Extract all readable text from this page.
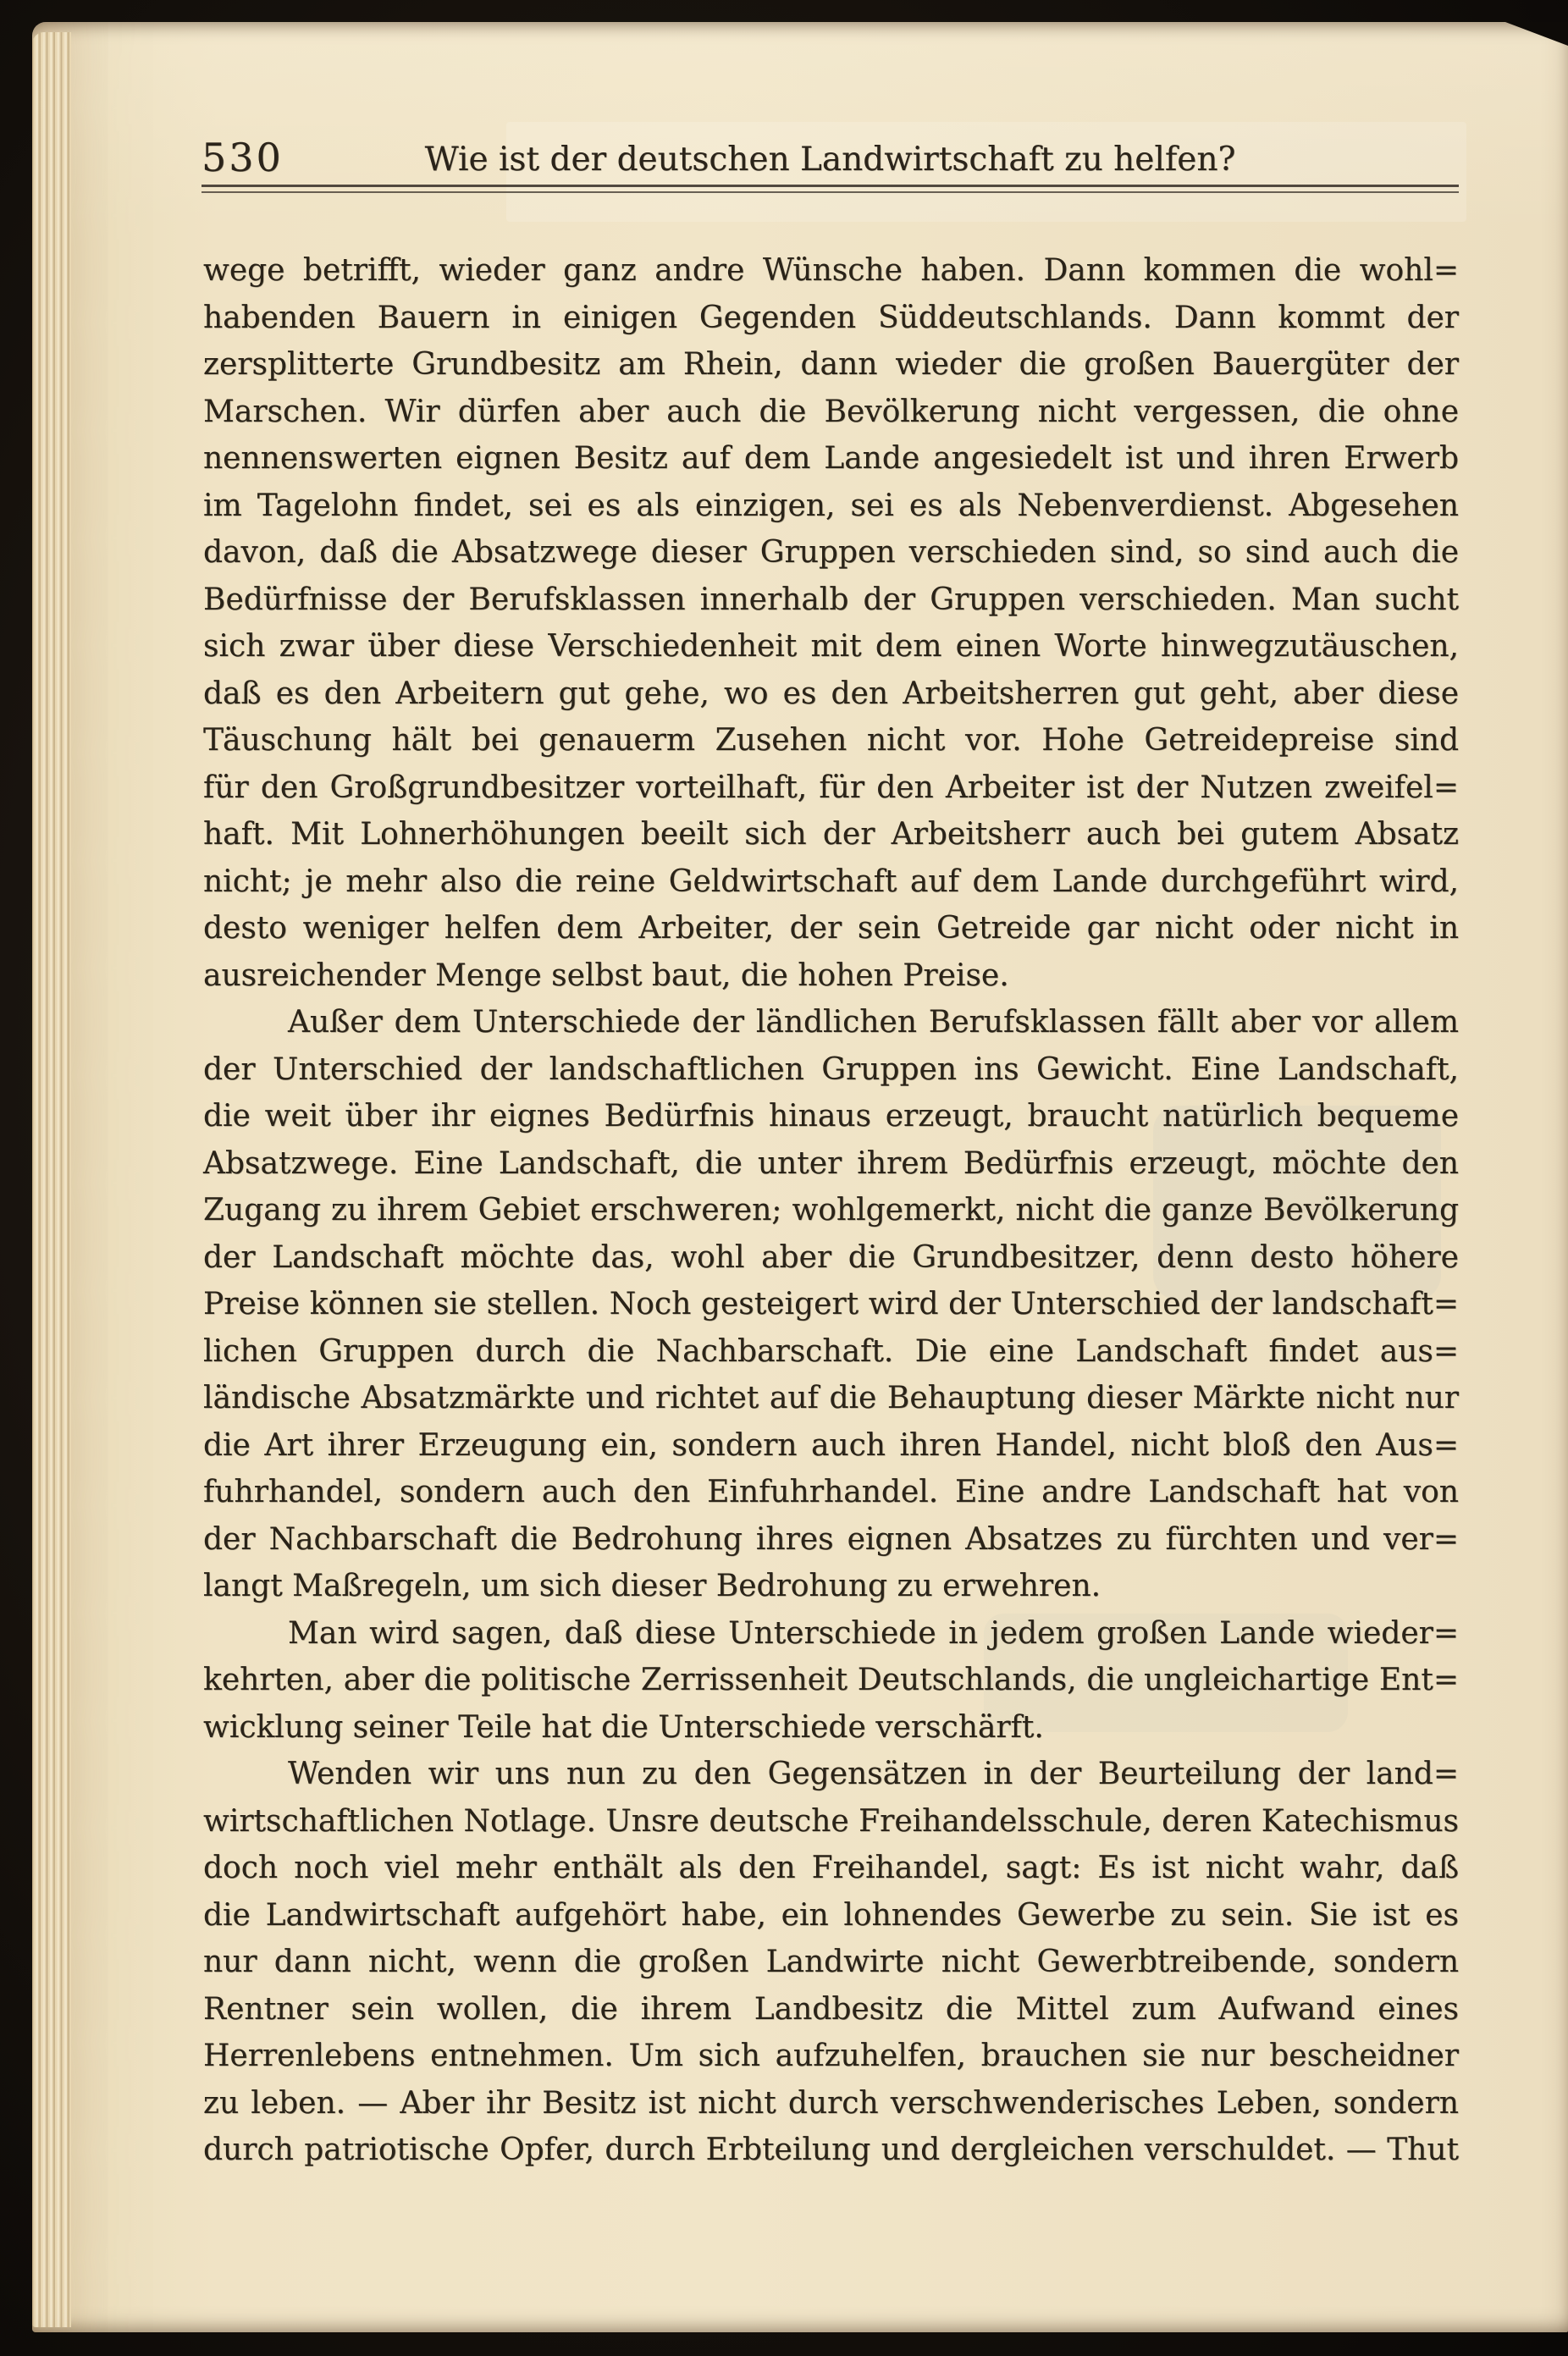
530	Wie ist der deutschen Landwirtschaft zu helfen?
wege betrifft, wieder ganz andre Wünsche haben. Dann kommen die wohl=
habenden Bauern in einigen Gegenden Süddeutschlands. Dann kommt der
zersplitterte Grundbesitz am Rhein, dann wieder die großen Bauergüter der
Marschen. Wir dürfen aber auch die Bevölkerung nicht vergessen, die ohne
nennenswerten eignen Besitz auf dem Lande angesiedelt ist und ihren Erwerb
im Tagelohn findet, sei es als einzigen, sei es als Nebenverdienst. Abgesehen
davon, daß die Absatzwege dieser Gruppen verschieden sind, so sind auch die
Bedürfnisse der Berufsklassen innerhalb der Gruppen verschieden. Man sucht
sich zwar über diese Verschiedenheit mit dem einen Worte hinwegzutäuschen,
daß es den Arbeitern gut gehe, wo es den Arbeitsherren gut geht, aber diese
Täuschung hält bei genauerm Zusehen nicht vor. Hohe Getreidepreise sind
für den Großgrundbesitzer vorteilhaft, für den Arbeiter ist der Nutzen zweifel=
haft. Mit Lohnerhöhungen beeilt sich der Arbeitsherr auch bei gutem Absatz
nicht; je mehr also die reine Geldwirtschaft auf dem Lande durchgeführt wird,
desto weniger helfen dem Arbeiter, der sein Getreide gar nicht oder nicht in
ausreichender Menge selbst baut, die hohen Preise.
Außer dem Unterschiede der ländlichen Berufsklassen fällt aber vor allem
der Unterschied der landschaftlichen Gruppen ins Gewicht. Eine Landschaft,
die weit über ihr eignes Bedürfnis hinaus erzeugt, braucht natürlich bequeme
Absatzwege. Eine Landschaft, die unter ihrem Bedürfnis erzeugt, möchte den
Zugang zu ihrem Gebiet erschweren; wohlgemerkt, nicht die ganze Bevölkerung
der Landschaft möchte das, wohl aber die Grundbesitzer, denn desto höhere
Preise können sie stellen. Noch gesteigert wird der Unterschied der landschaft=
lichen Gruppen durch die Nachbarschaft. Die eine Landschaft findet aus=
ländische Absatzmärkte und richtet auf die Behauptung dieser Märkte nicht nur
die Art ihrer Erzeugung ein, sondern auch ihren Handel, nicht bloß den Aus=
fuhrhandel, sondern auch den Einfuhrhandel. Eine andre Landschaft hat von
der Nachbarschaft die Bedrohung ihres eignen Absatzes zu fürchten und ver=
langt Maßregeln, um sich dieser Bedrohung zu erwehren.
Man wird sagen, daß diese Unterschiede in jedem großen Lande wieder=
kehrten, aber die politische Zerrissenheit Deutschlands, die ungleichartige Ent=
wicklung seiner Teile hat die Unterschiede verschärft.
Wenden wir uns nun zu den Gegensätzen in der Beurteilung der land=
wirtschaftlichen Notlage. Unsre deutsche Freihandelsschule, deren Katechismus
doch noch viel mehr enthält als den Freihandel, sagt: Es ist nicht wahr, daß
die Landwirtschaft aufgehört habe, ein lohnendes Gewerbe zu sein. Sie ist es
nur dann nicht, wenn die großen Landwirte nicht Gewerbtreibende, sondern
Rentner sein wollen, die ihrem Landbesitz die Mittel zum Aufwand eines
Herrenlebens entnehmen. Um sich aufzuhelfen, brauchen sie nur bescheidner
zu leben. — Aber ihr Besitz ist nicht durch verschwenderisches Leben, sondern
durch patriotische Opfer, durch Erbteilung und dergleichen verschuldet. — Thut
